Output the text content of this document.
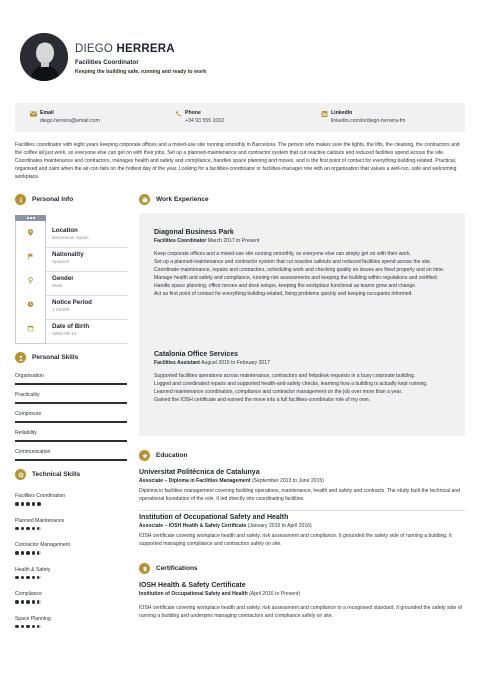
DIEGO HERRERA
Facilities Coordinator
Keeping the building safe, running and ready to work
Email
diego.herrera@email.com
Phone
+34 93 555 1002
LinkedIn
linkedin.com/in/diego-herrera-fm
Facilities coordinator with eight years keeping corporate offices and a mixed-use site running smoothly in Barcelona. The person who makes sure the lights, the lifts, the cleaning, the contractors and the coffee all just work, so everyone else can get on with their jobs. Set up a planned-maintenance and contractor system that cut reactive callouts and reduced facilities spend across the site. Coordinates maintenance and contractors, manages health and safety and compliance, handles space planning and moves, and is the first point of contact for everything building-related. Practical, organised and calm when the air-con fails on the hottest day of the year. Looking for a facilities-coordinator or facilities-manager role with an organisation that values a well-run, safe and welcoming workplace.
Personal Info
Location
Barcelona, Spain
Nationality
Spanish
Gender
Male
Notice Period
1 month
Date of Birth
1992-09-12
Personal Skills
Organisation
Practicality
Composure
Reliability
Communication
Technical Skills
Facilities Coordination
Planned Maintenance
Contractor Management
Health & Safety
Compliance
Space Planning
Work Experience
Diagonal Business Park
Facilities Coordinator March 2017 to Present

Keep corporate offices and a mixed-use site running smoothly, so everyone else can simply get on with their work.

Set up a planned-maintenance and contractor system that cut reactive callouts and reduced facilities spend across the site.

Coordinate maintenance, repairs and contractors, scheduling work and checking quality so issues are fixed properly and on time.

Manage health and safety and compliance, running risk assessments and keeping the building within regulations and certified.

Handle space planning, office moves and desk setups, keeping the workplace functional as teams grow and change.

Act as first point of contact for everything building-related, fixing problems quickly and keeping occupants informed.

Catalonia Office Services
Facilities Assistant August 2015 to February 2017

Supported facilities operations across maintenance, contractors and helpdesk requests in a busy corporate building.

Logged and coordinated repairs and supported health-and-safety checks, learning how a building is actually kept running.

Learned maintenance coordination, compliance and contractor management on the job over more than a year.

Gained the IOSH certificate and earned the move into a full facilities-coordinator role of my own.

Education
Universitat Politècnica de Catalunya
Associate – Diploma in Facilities Management (September 2013 to June 2015)
Diploma in facilities management covering building operations, maintenance, health and safety and contracts. The study built the technical and operational foundation of the role. It led directly into coordinating facilities.
Institution of Occupational Safety and Health
Associate – IOSH Health & Safety Certificate (January 2016 to April 2016)
IOSH certificate covering workplace health and safety, risk assessment and compliance. It grounded the safety side of running a building. It supported managing compliance and contractors safely on site.
Certifications
IOSH Health & Safety Certificate
Institution of Occupational Safety and Health (April 2016 to Present)
IOSH certificate covering workplace health and safety, risk assessment and compliance to a recognised standard. It grounded the safety side of running a building and underpins managing contractors and compliance safely on site.
